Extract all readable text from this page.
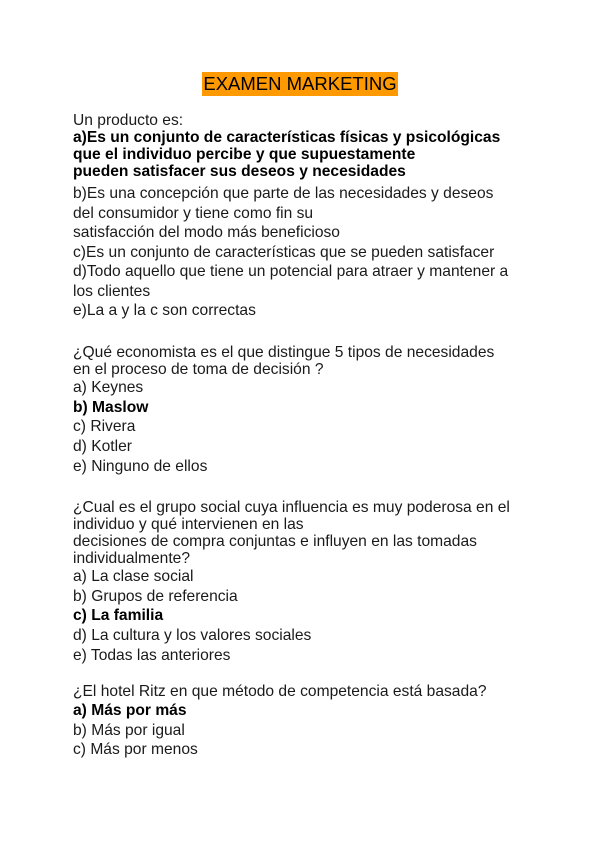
EXAMEN MARKETING
Un producto es:
a)Es un conjunto de características físicas y psicológicas
que el individuo percibe y que supuestamente
pueden satisfacer sus deseos y necesidades
b)Es una concepción que parte de las necesidades y deseos
del consumidor y tiene como fin su
satisfacción del modo más beneficioso
c)Es un conjunto de características que se pueden satisfacer
d)Todo aquello que tiene un potencial para atraer y mantener a
los clientes
e)La a y la c son correctas
¿Qué economista es el que distingue 5 tipos de necesidades
en el proceso de toma de decisión ?
a) Keynes
b) Maslow
c) Rivera
d) Kotler
e) Ninguno de ellos
¿Cual es el grupo social cuya influencia es muy poderosa en el
individuo y qué intervienen en las
decisiones de compra conjuntas e influyen en las tomadas
individualmente?
a) La clase social
b) Grupos de referencia
c) La familia
d) La cultura y los valores sociales
e) Todas las anteriores
¿El hotel Ritz en que método de competencia está basada?
a) Más por más
b) Más por igual
c) Más por menos
